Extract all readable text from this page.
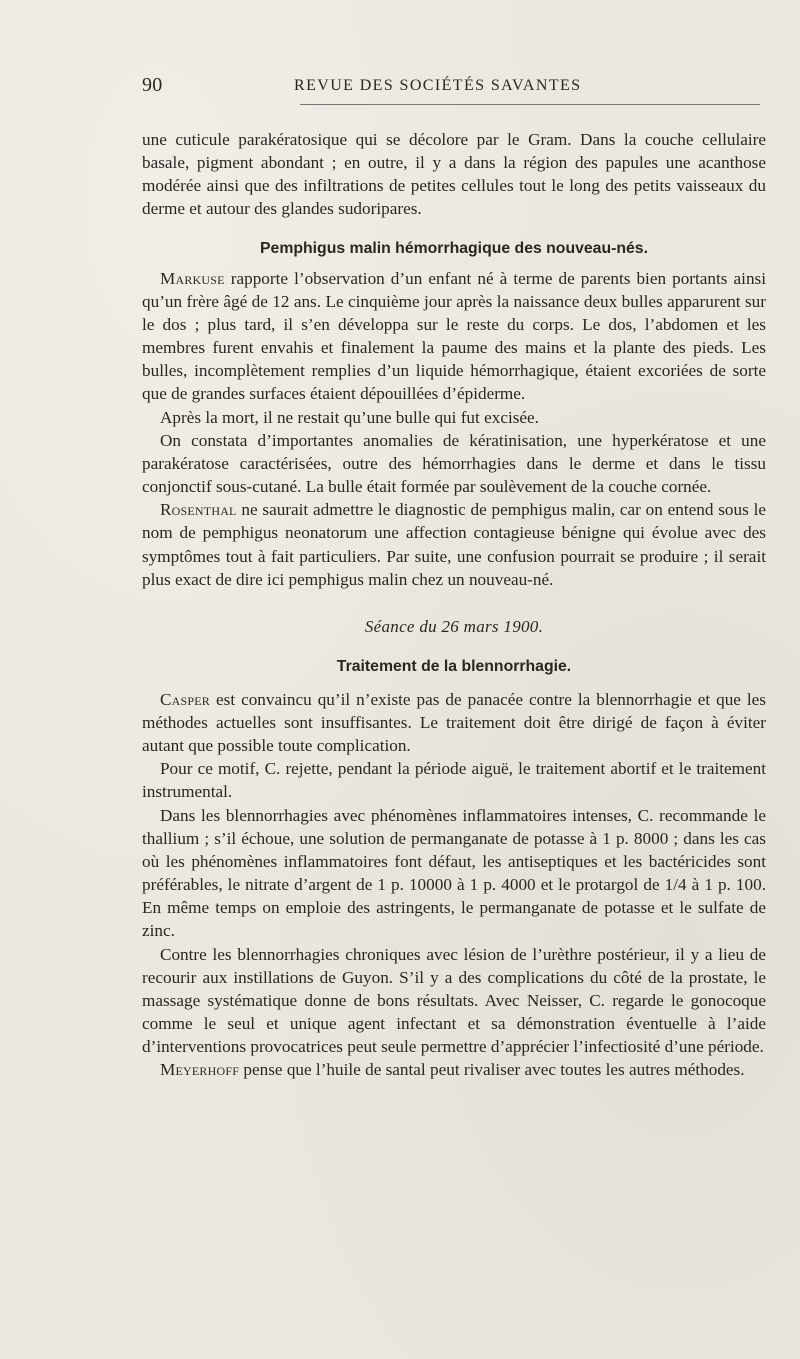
90	REVUE DES SOCIÉTÉS SAVANTES

une cuticule parakératosique qui se décolore par le Gram. Dans la couche cellulaire basale, pigment abondant ; en outre, il y a dans la région des papules une acanthose modérée ainsi que des infiltrations de petites cellules tout le long des petits vaisseaux du derme et autour des glandes sudoripares.

Pemphigus malin hémorrhagique des nouveau-nés.

Markuse rapporte l’observation d’un enfant né à terme de parents bien portants ainsi qu’un frère âgé de 12 ans. Le cinquième jour après la naissance deux bulles apparurent sur le dos ; plus tard, il s’en développa sur le reste du corps. Le dos, l’abdomen et les membres furent envahis et finalement la paume des mains et la plante des pieds. Les bulles, incomplètement remplies d’un liquide hémorrhagique, étaient excoriées de sorte que de grandes surfaces étaient dépouillées d’épiderme.

Après la mort, il ne restait qu’une bulle qui fut excisée.

On constata d’importantes anomalies de kératinisation, une hyperkératose et une parakératose caractérisées, outre des hémorrhagies dans le derme et dans le tissu conjonctif sous-cutané. La bulle était formée par soulèvement de la couche cornée.

Rosenthal ne saurait admettre le diagnostic de pemphigus malin, car on entend sous le nom de pemphigus neonatorum une affection contagieuse bénigne qui évolue avec des symptômes tout à fait particuliers. Par suite, une confusion pourrait se produire ; il serait plus exact de dire ici pemphigus malin chez un nouveau-né.

Séance du 26 mars 1900.
Traitement de la blennorrhagie.

Casper est convaincu qu’il n’existe pas de panacée contre la blennorrhagie et que les méthodes actuelles sont insuffisantes. Le traitement doit être dirigé de façon à éviter autant que possible toute complication.

Pour ce motif, C. rejette, pendant la période aiguë, le traitement abortif et le traitement instrumental.

Dans les blennorrhagies avec phénomènes inflammatoires intenses, C. recommande le thallium ; s’il échoue, une solution de permanganate de potasse à 1 p. 8000 ; dans les cas où les phénomènes inflammatoires font défaut, les antiseptiques et les bactéricides sont préférables, le nitrate d’argent de 1 p. 10000 à 1 p. 4000 et le protargol de 1/4 à 1 p. 100. En même temps on emploie des astringents, le permanganate de potasse et le sulfate de zinc.

Contre les blennorrhagies chroniques avec lésion de l’urèthre postérieur, il y a lieu de recourir aux instillations de Guyon. S’il y a des complications du côté de la prostate, le massage systématique donne de bons résultats. Avec Neisser, C. regarde le gonocoque comme le seul et unique agent infectant et sa démonstration éventuelle à l’aide d’interventions provocatrices peut seule permettre d’apprécier l’infectiosité d’une période.

Meyerhoff pense que l’huile de santal peut rivaliser avec toutes les autres méthodes.
